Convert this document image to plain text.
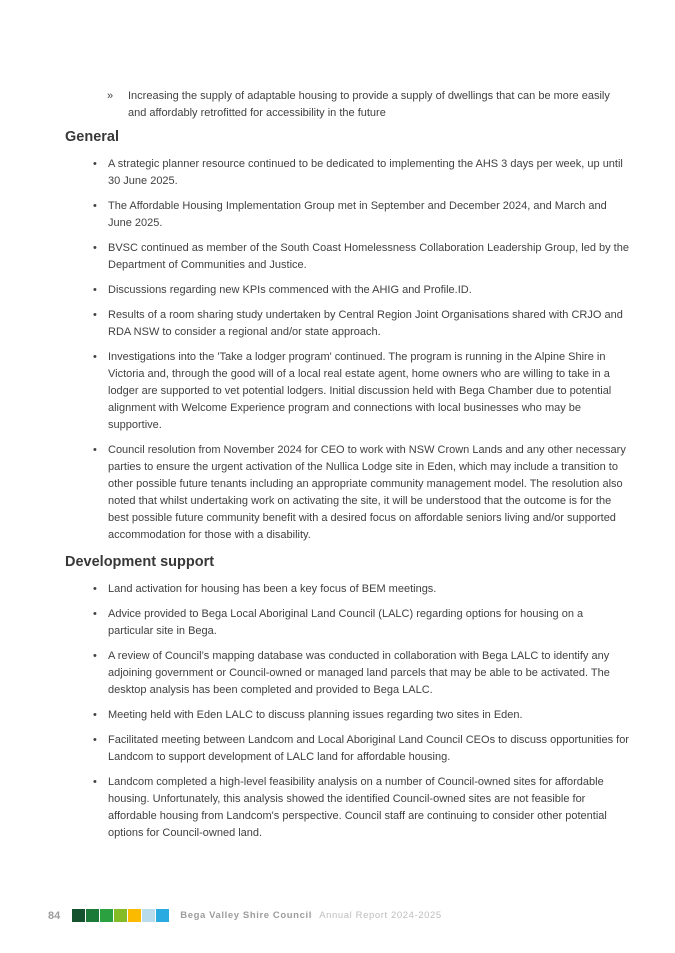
»	Increasing the supply of adaptable housing to provide a supply of dwellings that can be more easily and affordably retrofitted for accessibility in the future
General
•	A strategic planner resource continued to be dedicated to implementing the AHS 3 days per week, up until 30 June 2025.
•	The Affordable Housing Implementation Group met in September and December 2024, and March and June 2025.
•	BVSC continued as member of the South Coast Homelessness Collaboration Leadership Group, led by the Department of Communities and Justice.
•	Discussions regarding new KPIs commenced with the AHIG and Profile.ID.
•	Results of a room sharing study undertaken by Central Region Joint Organisations shared with CRJO and RDA NSW to consider a regional and/or state approach.
•	Investigations into the 'Take a lodger program' continued. The program is running in the Alpine Shire in Victoria and, through the good will of a local real estate agent, home owners who are willing to take in a lodger are supported to vet potential lodgers. Initial discussion held with Bega Chamber due to potential alignment with Welcome Experience program and connections with local businesses who may be supportive.
•	Council resolution from November 2024 for CEO to work with NSW Crown Lands and any other necessary parties to ensure the urgent activation of the Nullica Lodge site in Eden, which may include a transition to other possible future tenants including an appropriate community management model. The resolution also noted that whilst undertaking work on activating the site, it will be understood that the outcome is for the best possible future community benefit with a desired focus on affordable seniors living and/or supported accommodation for those with a disability.
Development support
•	Land activation for housing has been a key focus of BEM meetings.
•	Advice provided to Bega Local Aboriginal Land Council (LALC) regarding options for housing on a particular site in Bega.
•	A review of Council’s mapping database was conducted in collaboration with Bega LALC to identify any adjoining government or Council-owned or managed land parcels that may be able to be activated. The desktop analysis has been completed and provided to Bega LALC.
•	Meeting held with Eden LALC to discuss planning issues regarding two sites in Eden.
•	Facilitated meeting between Landcom and Local Aboriginal Land Council CEOs to discuss opportunities for Landcom to support development of LALC land for affordable housing.
•	Landcom completed a high-level feasibility analysis on a number of Council-owned sites for affordable housing. Unfortunately, this analysis showed the identified Council-owned sites are not feasible for affordable housing from Landcom's perspective. Council staff are continuing to consider other potential options for Council-owned land.
84	Bega Valley Shire Council Annual Report 2024-2025
